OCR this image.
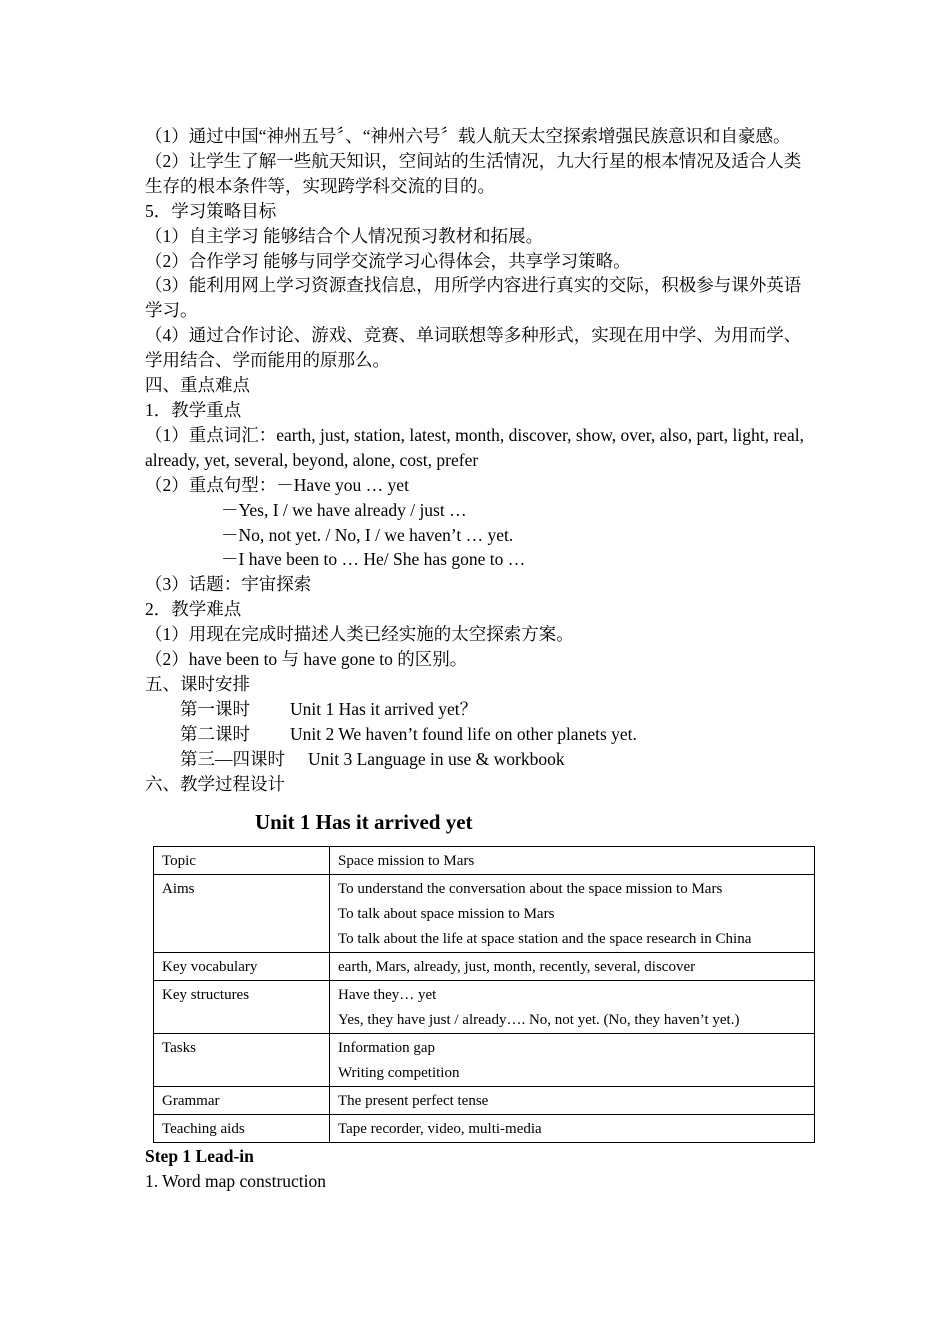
（1）通过中国“神州五号〞、“神州六号〞载人航天太空探索增强民族意识和自豪感。
（2）让学生了解一些航天知识，空间站的生活情况，九大行星的根本情况及适合人类生存的根本条件等，实现跨学科交流的目的。
5．学习策略目标
（1）自主学习 能够结合个人情况预习教材和拓展。
（2）合作学习 能够与同学交流学习心得体会，共享学习策略。
（3）能利用网上学习资源查找信息，用所学内容进行真实的交际，积极参与课外英语学习。
（4）通过合作讨论、游戏、竞赛、单词联想等多种形式，实现在用中学、为用而学、学用结合、学而能用的原那么。
四、重点难点
1．教学重点
（1）重点词汇：earth, just, station, latest, month, discover, show, over, also, part, light, real, already, yet, several, beyond, alone, cost, prefer
（2）重点句型：－Have you … yet
－Yes, I / we have already / just …
－No, not yet. / No, I / we haven’t … yet.
－I have been to … He/ She has gone to …
（3）话题：宇宙探索
2．教学难点
（1）用现在完成时描述人类已经实施的太空探索方案。
（2）have been to 与 have gone to 的区别。
五、课时安排
第一课时 Unit 1 Has it arrived yet？
第二课时 Unit 2 We haven’t found life on other planets yet.
第三—四课时 Unit 3 Language in use & workbook
六、教学过程设计
Unit 1 Has it arrived yet
Topic	Space mission to Mars

Aims	To understand the conversation about the space mission to Mars
To talk about space mission to Mars
To talk about the life at space station and the space research in China

Key vocabulary	earth, Mars, already, just, month, recently, several, discover

Key structures	Have they… yet
Yes, they have just / already…. No, not yet. (No, they haven’t yet.)

Tasks	Information gap
Writing competition

Grammar	The present perfect tense

Teaching aids	Tape recorder, video, multi-media
Step 1 Lead-in
1. Word map construction
